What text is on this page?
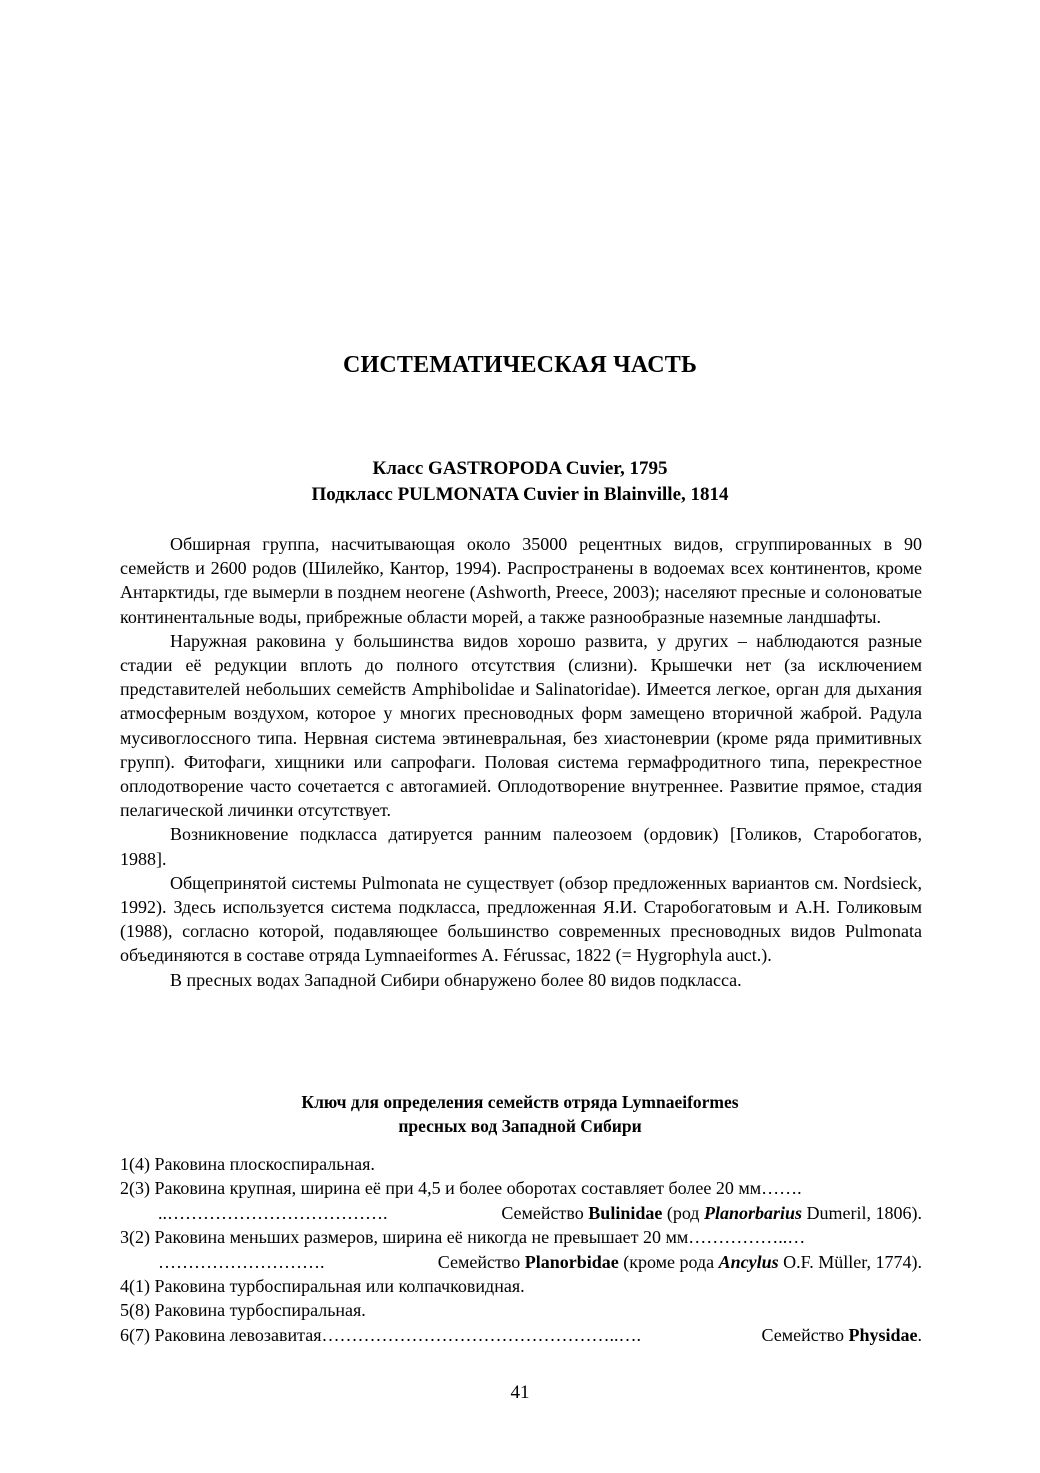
СИСТЕМАТИЧЕСКАЯ ЧАСТЬ
Класс GASTROPODA Cuvier, 1795
Подкласс PULMONATA Cuvier in Blainville, 1814

Обширная группа, насчитывающая около 35000 рецентных видов, сгруппированных в 90 семейств и 2600 родов (Шилейко, Кантор, 1994). Распространены в водоемах всех континентов, кроме Антарктиды, где вымерли в позднем неогене (Ashworth, Preece, 2003); населяют пресные и солоноватые континентальные воды, прибрежные области морей, а также разнообразные наземные ландшафты.

Наружная раковина у большинства видов хорошо развита, у других – наблюдаются разные стадии её редукции вплоть до полного отсутствия (слизни). Крышечки нет (за исключением представителей небольших семейств Amphibolidae и Salinatoridae). Имеется легкое, орган для дыхания атмосферным воздухом, которое у многих пресноводных форм замещено вторичной жаброй. Радула мусивоглоссного типа. Нервная система эвтиневральная, без хиастоневрии (кроме ряда примитивных групп). Фитофаги, хищники или сапрофаги. Половая система гермафродитного типа, перекрестное оплодотворение часто сочетается с автогамией. Оплодотворение внутреннее. Развитие прямое, стадия пелагической личинки отсутствует.

Возникновение подкласса датируется ранним палеозоем (ордовик) [Голиков, Старобогатов, 1988].

Общепринятой системы Pulmonata не существует (обзор предложенных вариантов см. Nordsieck, 1992). Здесь используется система подкласса, предложенная Я.И. Старобогатовым и А.Н. Голиковым (1988), согласно которой, подавляющее большинство современных пресноводных видов Pulmonata объединяются в составе отряда Lymnaeiformes A. Férussac, 1822 (= Hygrophyla auct.).

В пресных водах Западной Сибири обнаружено более 80 видов подкласса.

Ключ для определения семейств отряда Lymnaeiformes
пресных вод Западной Сибири
1(4) Раковина плоскоспиральная.
2(3) Раковина крупная, ширина её при 4,5 и более оборотах составляет более 20 мм …….
..……………………………….	Семейство Bulinidae (род Planorbarius Dumeril, 1806).
3(2) Раковина меньших размеров, ширина её никогда не превышает 20 мм ……………..…
……………………….	Семейство Planorbidae (кроме рода Ancylus O.F. Müller, 1774).
4(1) Раковина турбоспиральная или колпачковидная.
5(8) Раковина турбоспиральная.
6(7) Раковина левозавитая …………………………………………..….	Семейство Physidae.
41
